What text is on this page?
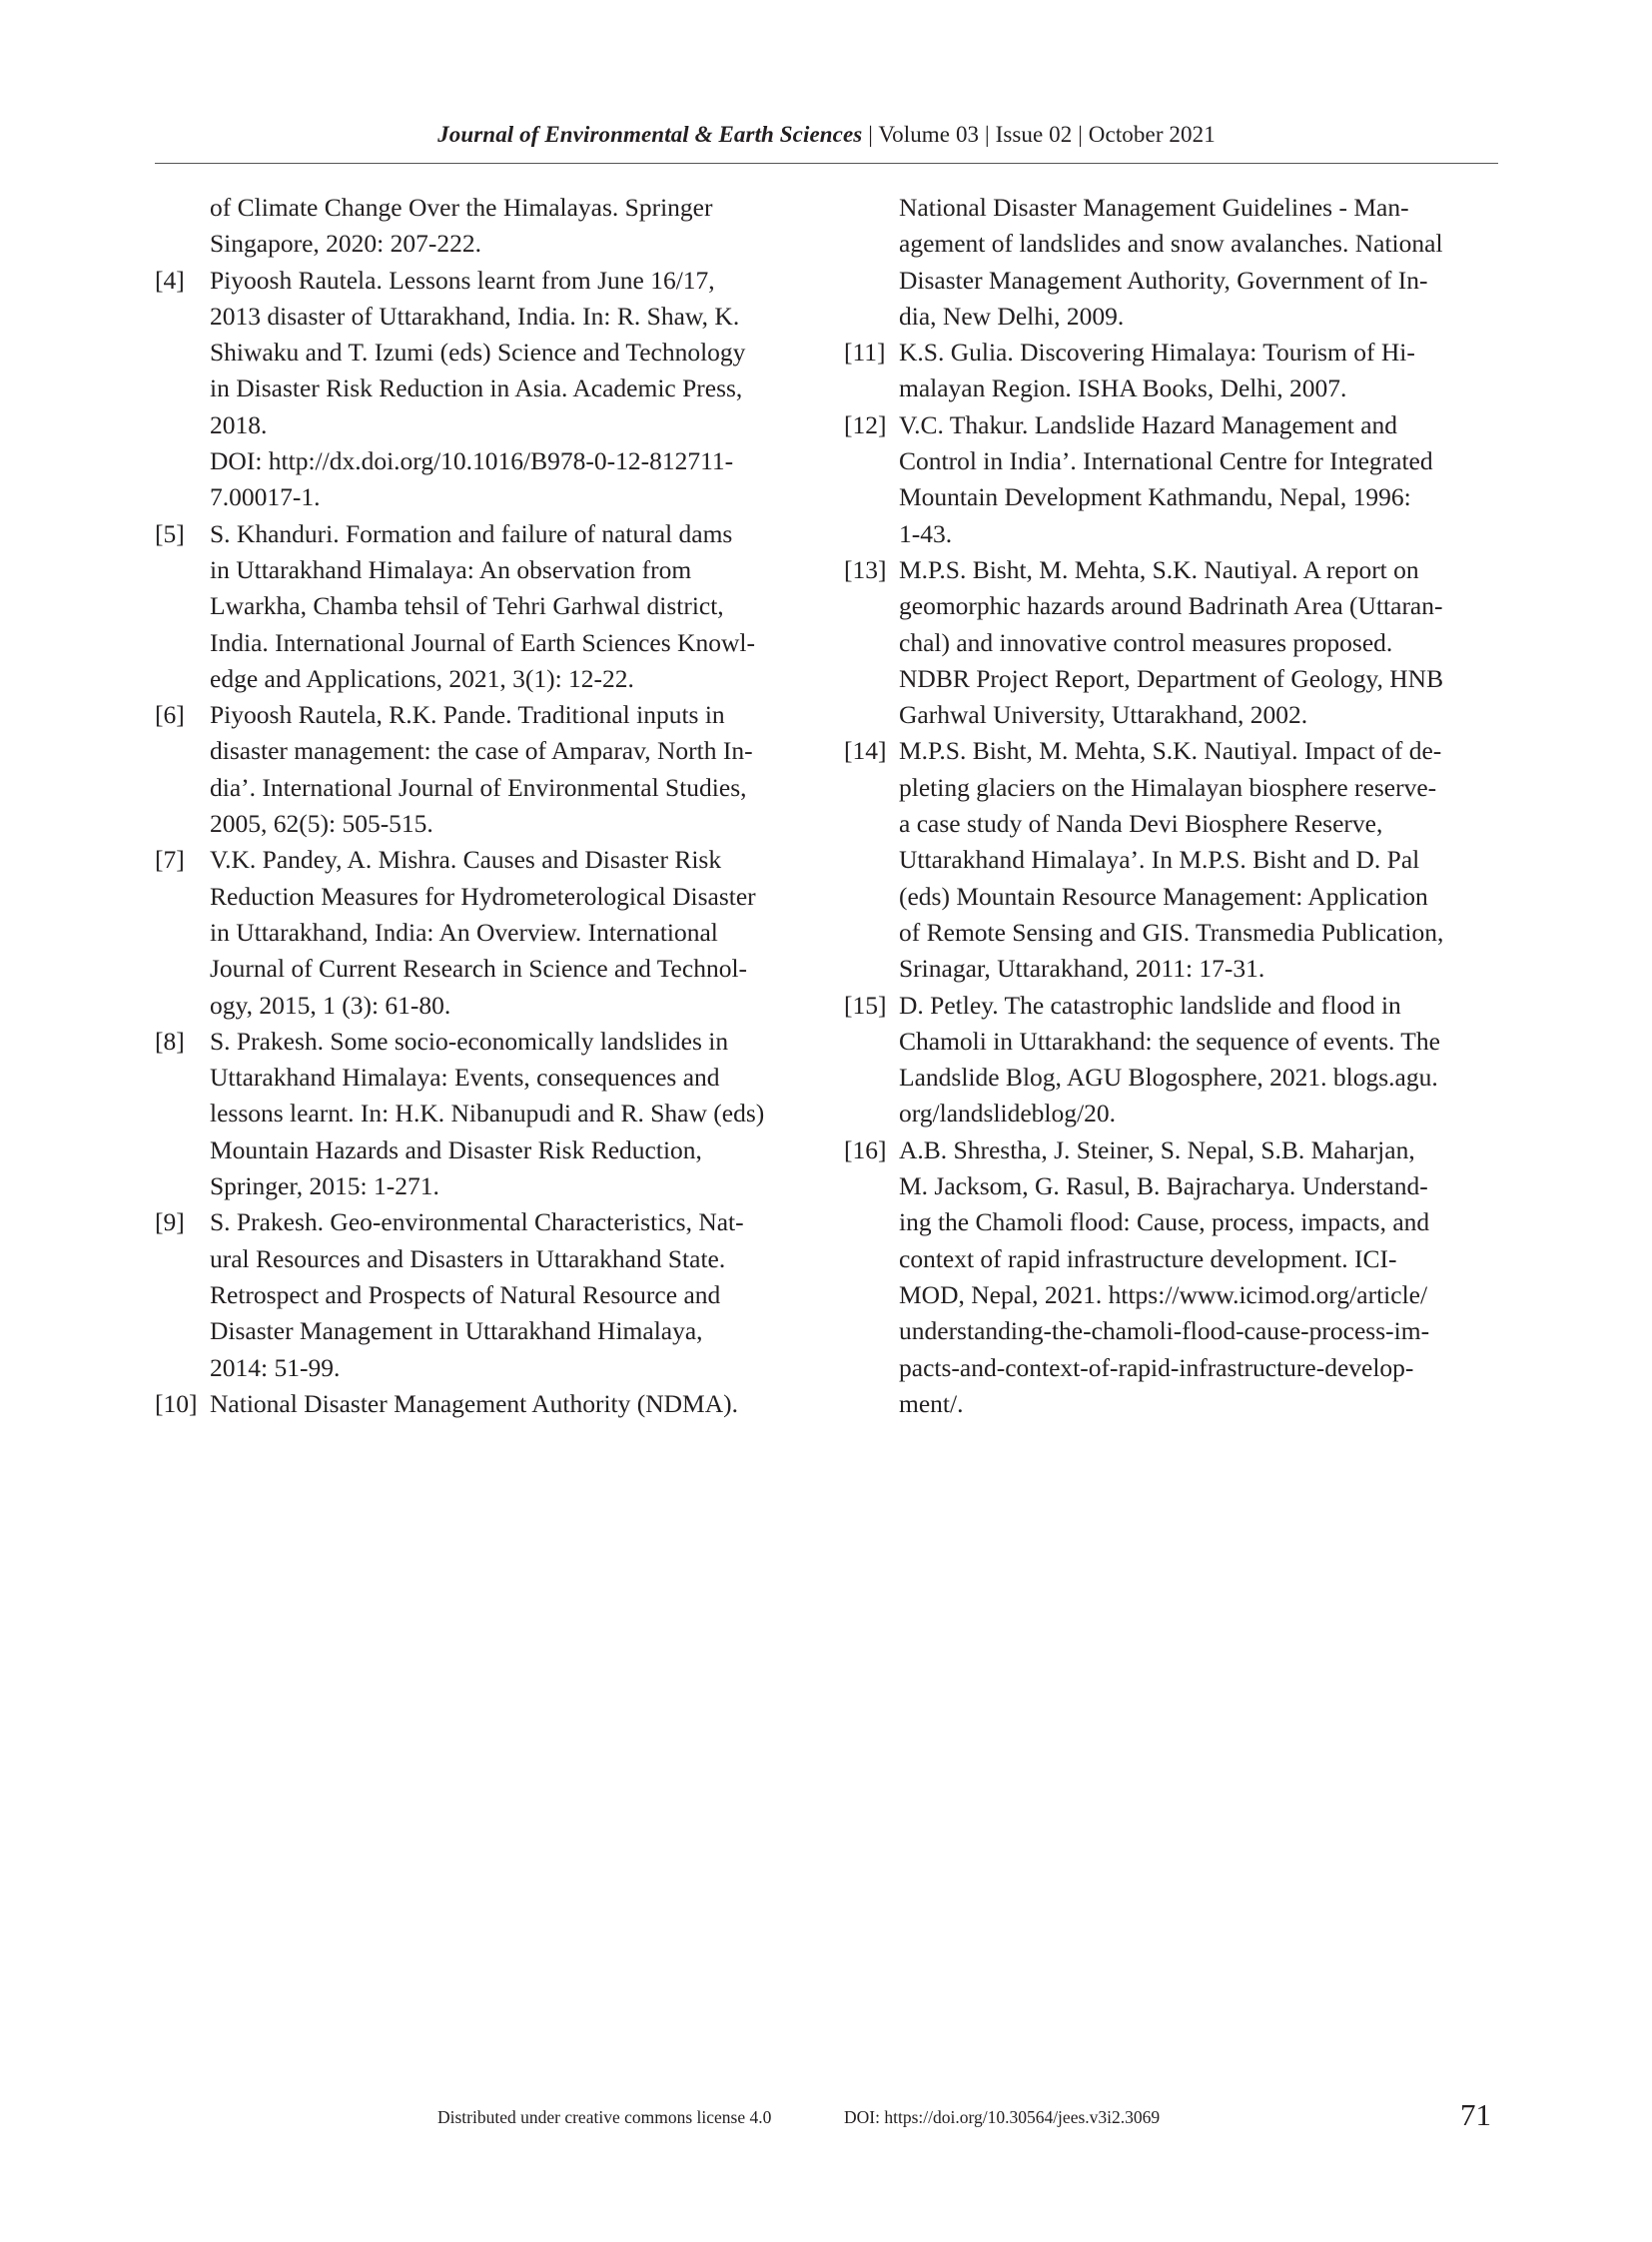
Journal of Environmental & Earth Sciences | Volume 03 | Issue 02 | October 2021
of Climate Change Over the Himalayas. Springer
Singapore, 2020: 207-222.
[4] Piyoosh Rautela. Lessons learnt from June 16/17,
2013 disaster of Uttarakhand, India. In: R. Shaw, K.
Shiwaku and T. Izumi (eds) Science and Technology
in Disaster Risk Reduction in Asia. Academic Press,
2018.
DOI: http://dx.doi.org/10.1016/B978-0-12-812711-
7.00017-1.
[5] S. Khanduri. Formation and failure of natural dams
in Uttarakhand Himalaya: An observation from
Lwarkha, Chamba tehsil of Tehri Garhwal district,
India. International Journal of Earth Sciences Knowl-
edge and Applications, 2021, 3(1): 12-22.
[6] Piyoosh Rautela, R.K. Pande. Traditional inputs in
disaster management: the case of Amparav, North In-
dia’. International Journal of Environmental Studies,
2005, 62(5): 505-515.
[7] V.K. Pandey, A. Mishra. Causes and Disaster Risk
Reduction Measures for Hydrometerological Disaster
in Uttarakhand, India: An Overview. International
Journal of Current Research in Science and Technol-
ogy, 2015, 1 (3): 61-80.
[8] S. Prakesh. Some socio-economically landslides in
Uttarakhand Himalaya: Events, consequences and
lessons learnt. In: H.K. Nibanupudi and R. Shaw (eds)
Mountain Hazards and Disaster Risk Reduction,
Springer, 2015: 1-271.
[9] S. Prakesh. Geo-environmental Characteristics, Nat-
ural Resources and Disasters in Uttarakhand State.
Retrospect and Prospects of Natural Resource and
Disaster Management in Uttarakhand Himalaya,
2014: 51-99.
[10] National Disaster Management Authority (NDMA).
National Disaster Management Guidelines - Man-
agement of landslides and snow avalanches. National
Disaster Management Authority, Government of In-
dia, New Delhi, 2009.
[11] K.S. Gulia. Discovering Himalaya: Tourism of Hi-
malayan Region. ISHA Books, Delhi, 2007.
[12] V.C. Thakur. Landslide Hazard Management and
Control in India’. International Centre for Integrated
Mountain Development Kathmandu, Nepal, 1996:
1-43.
[13] M.P.S. Bisht, M. Mehta, S.K. Nautiyal. A report on
geomorphic hazards around Badrinath Area (Uttaran-
chal) and innovative control measures proposed.
NDBR Project Report, Department of Geology, HNB
Garhwal University, Uttarakhand, 2002.
[14] M.P.S. Bisht, M. Mehta, S.K. Nautiyal. Impact of de-
pleting glaciers on the Himalayan biosphere reserve-
a case study of Nanda Devi Biosphere Reserve,
Uttarakhand Himalaya’. In M.P.S. Bisht and D. Pal
(eds) Mountain Resource Management: Application
of Remote Sensing and GIS. Transmedia Publication,
Srinagar, Uttarakhand, 2011: 17-31.
[15] D. Petley. The catastrophic landslide and flood in
Chamoli in Uttarakhand: the sequence of events. The
Landslide Blog, AGU Blogosphere, 2021. blogs.agu.
org/landslideblog/20.
[16] A.B. Shrestha, J. Steiner, S. Nepal, S.B. Maharjan,
M. Jacksom, G. Rasul, B. Bajracharya. Understand-
ing the Chamoli flood: Cause, process, impacts, and
context of rapid infrastructure development. ICI-
MOD, Nepal, 2021. https://www.icimod.org/article/
understanding-the-chamoli-flood-cause-process-im-
pacts-and-context-of-rapid-infrastructure-develop-
ment/.
Distributed under creative commons license 4.0	DOI: https://doi.org/10.30564/jees.v3i2.3069	71
